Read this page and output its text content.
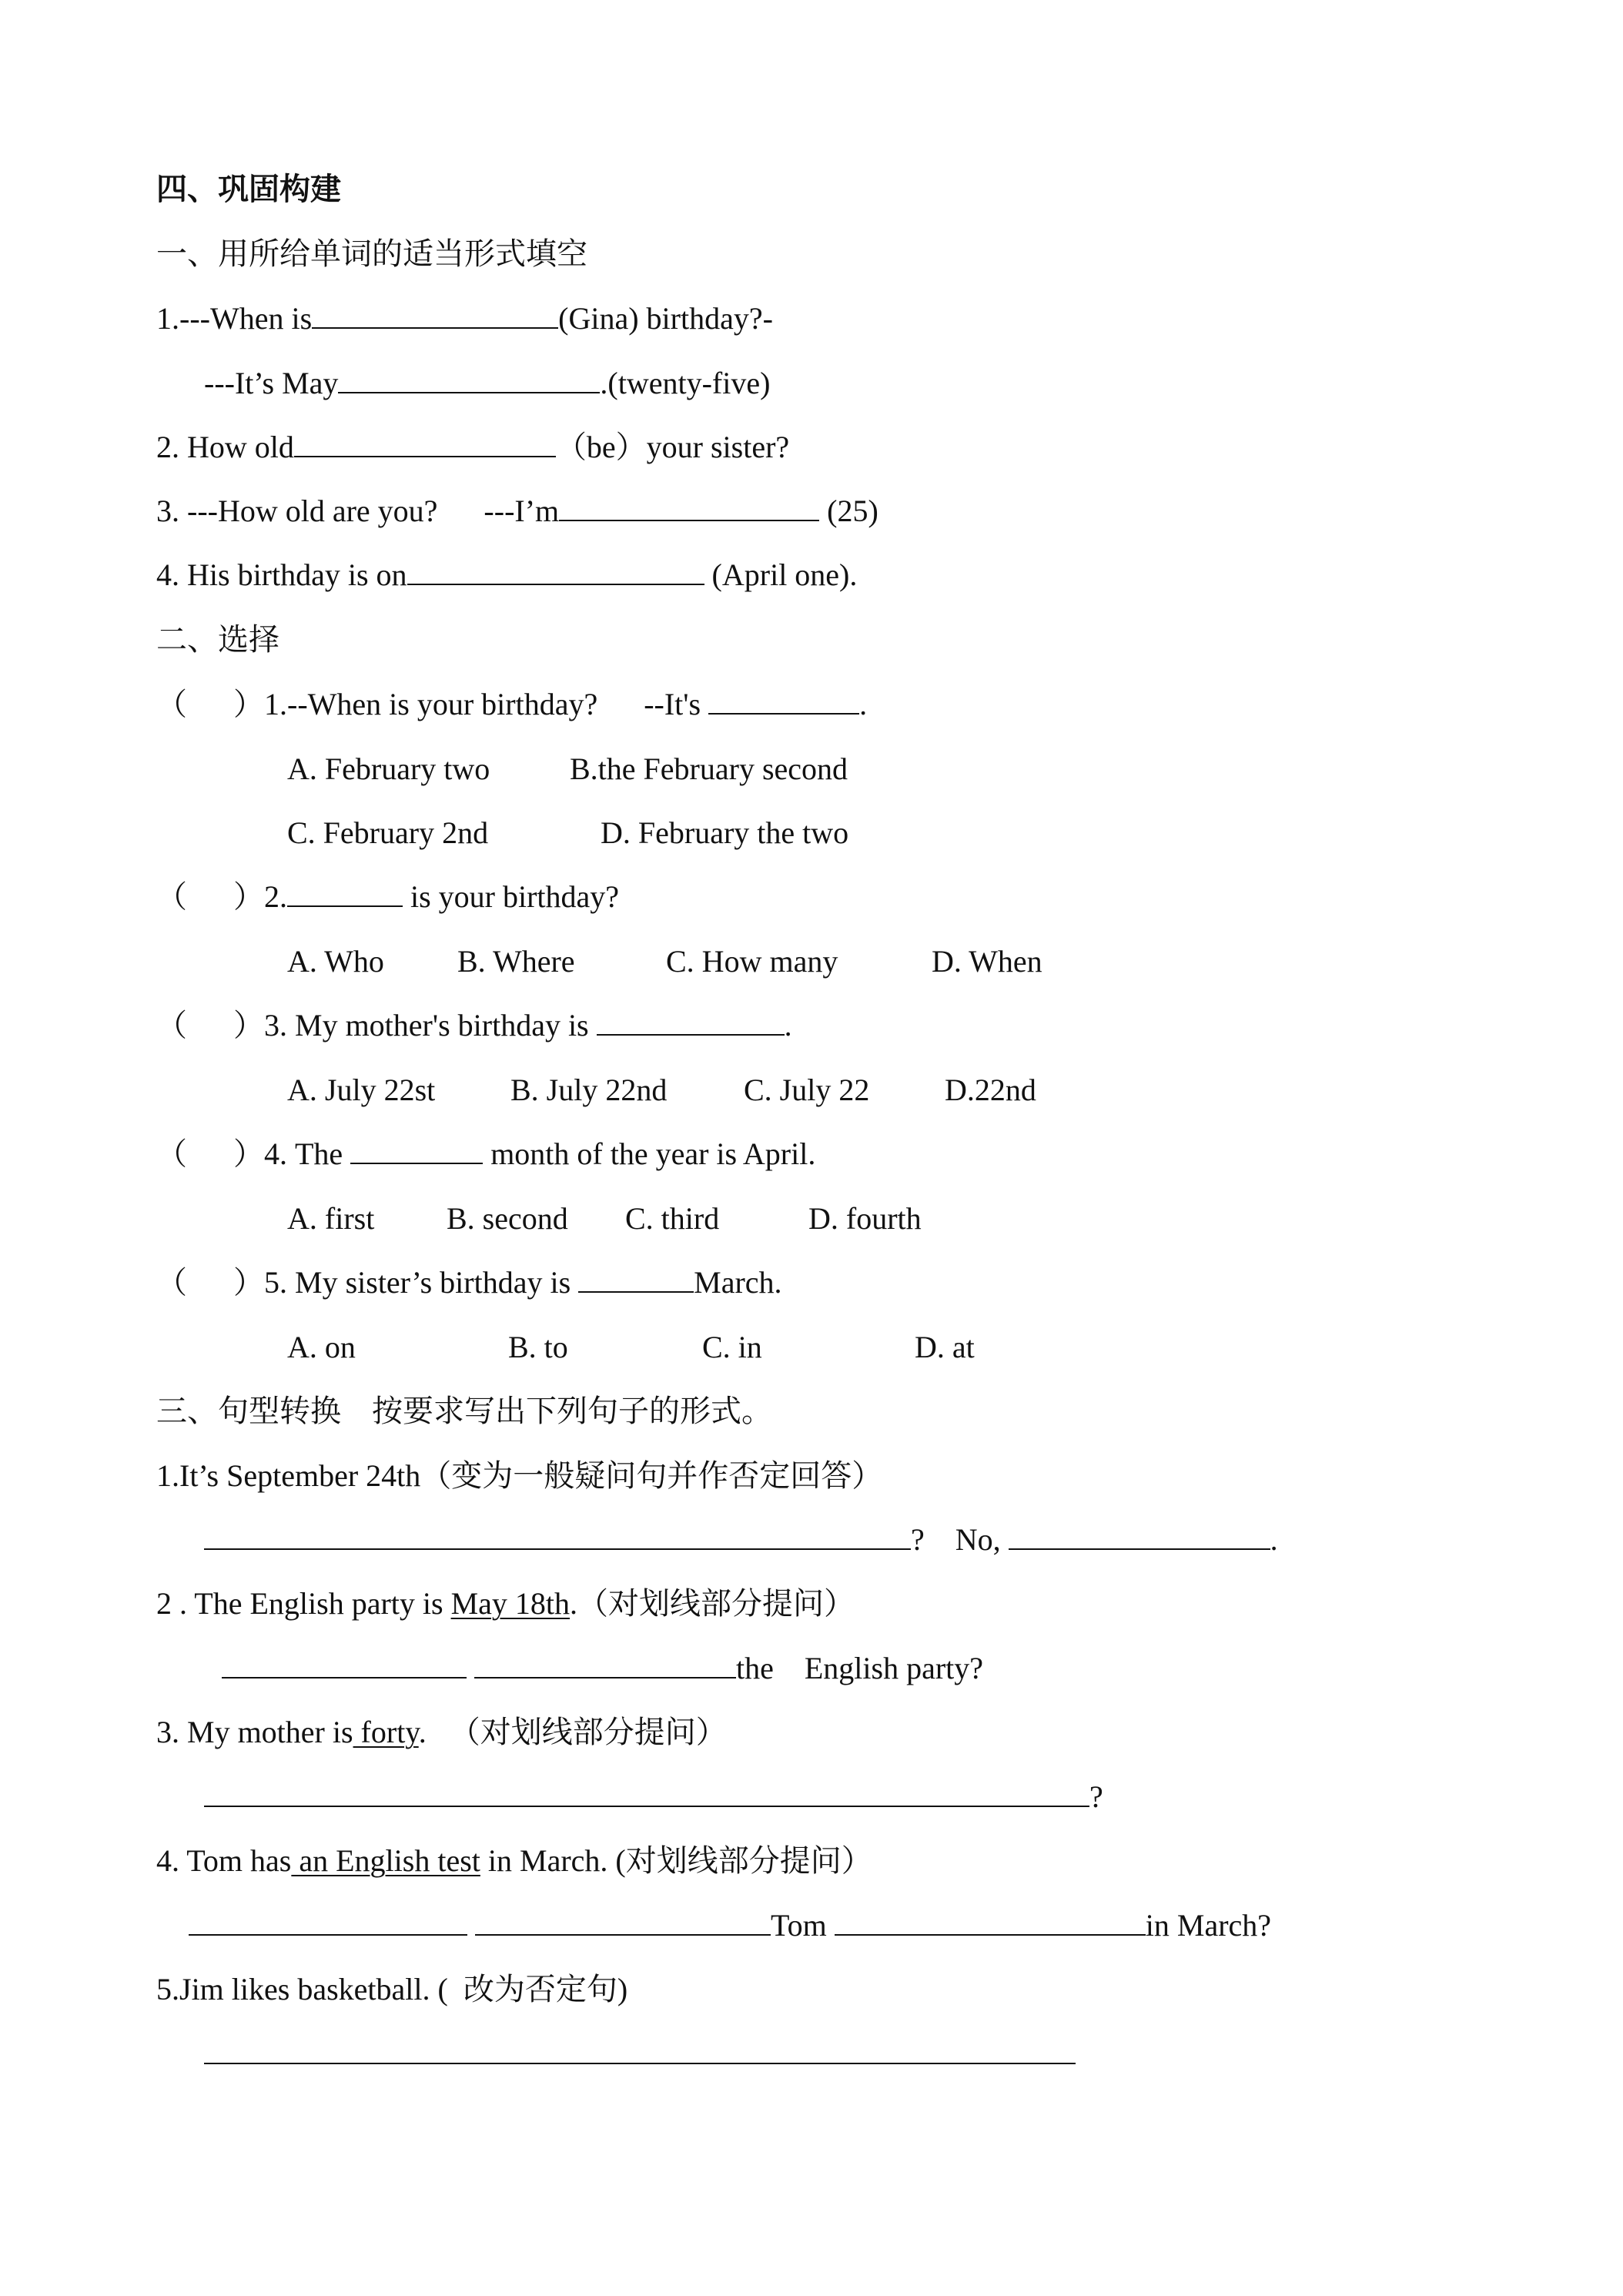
四、巩固构建
一、用所给单词的适当形式填空
1.---When is	(Gina) birthday?-
---It’s May	.(twenty-five)
2. How old	（be）your sister?
3. ---How old are you?      ---I’m	(25)
4. His birthday is on	(April one).
二、选择
（      ）1.--When is your birthday?      --It's	.
A. February two	B.the February second
C. February 2nd	D. February the two
（      ）2.	is your birthday?
A. Who B. Where	C. How many	D. When
（      ）3. My mother's birthday is	.
A. July 22st B. July 22nd C. July 22 D.22nd
（      ）4. The	month of the year is April.
A. first B. second C. third	D. fourth
（      ）5. My sister’s birthday is	March.
A. on	B. to	C. in	D. at
三、句型转换    按要求写出下列句子的形式。
1.It’s September 24th（变为一般疑问句并作否定回答）
?    No,	.
2 . The English party is May 18th.（对划线部分提问）
the    English party?
3. My mother is forty.   （对划线部分提问）
?
4. Tom has an English test in March. (对划线部分提问）
Tom	in March?
5.Jim likes basketball. (  改为否定句)
